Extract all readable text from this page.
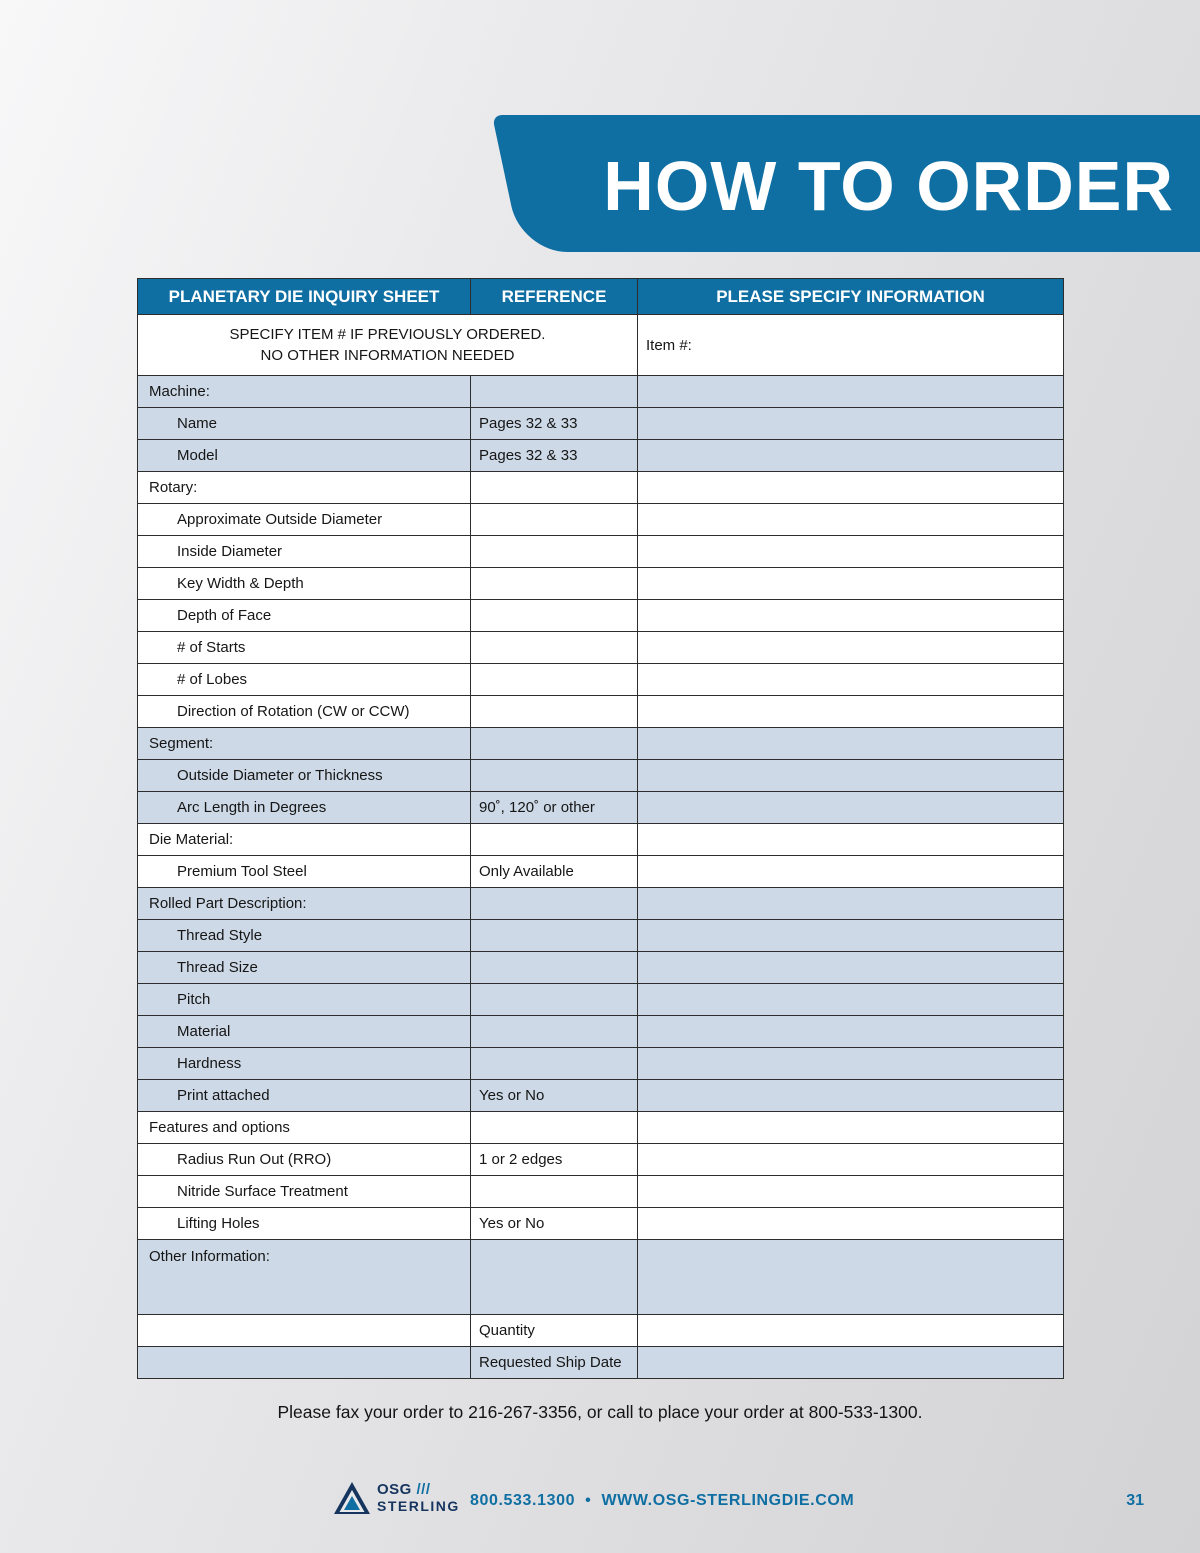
HOW TO ORDER
PLANETARY DIE INQUIRY SHEET	REFERENCE	PLEASE SPECIFY INFORMATION

SPECIFY ITEM # IF PREVIOUSLY ORDERED.
NO OTHER INFORMATION NEEDED		Item #:
Machine:		
Name	Pages 32 & 33	
Model	Pages 32 & 33	
Rotary:		
Approximate Outside Diameter		
Inside Diameter		
Key Width & Depth		
Depth of Face		
# of Starts		
# of Lobes		
Direction of Rotation (CW or CCW)		
Segment:		
Outside Diameter or Thickness		
Arc Length in Degrees	90˚, 120˚ or other	
Die Material:		
Premium Tool Steel	Only Available	
Rolled Part Description:		
Thread Style		
Thread Size		
Pitch		
Material		
Hardness		
Print attached	Yes or No	
Features and options		
Radius Run Out (RRO)	1 or 2 edges	
Nitride Surface Treatment		
Lifting Holes	Yes or No	
Other Information:		
	Quantity	
	Requested Ship Date	
Please fax your order to 216-267-3356, or call to place your order at 800-533-1300.
OSG ///
STERLING 800.533.1300  •  WWW.OSG-STERLINGDIE.COM	31
